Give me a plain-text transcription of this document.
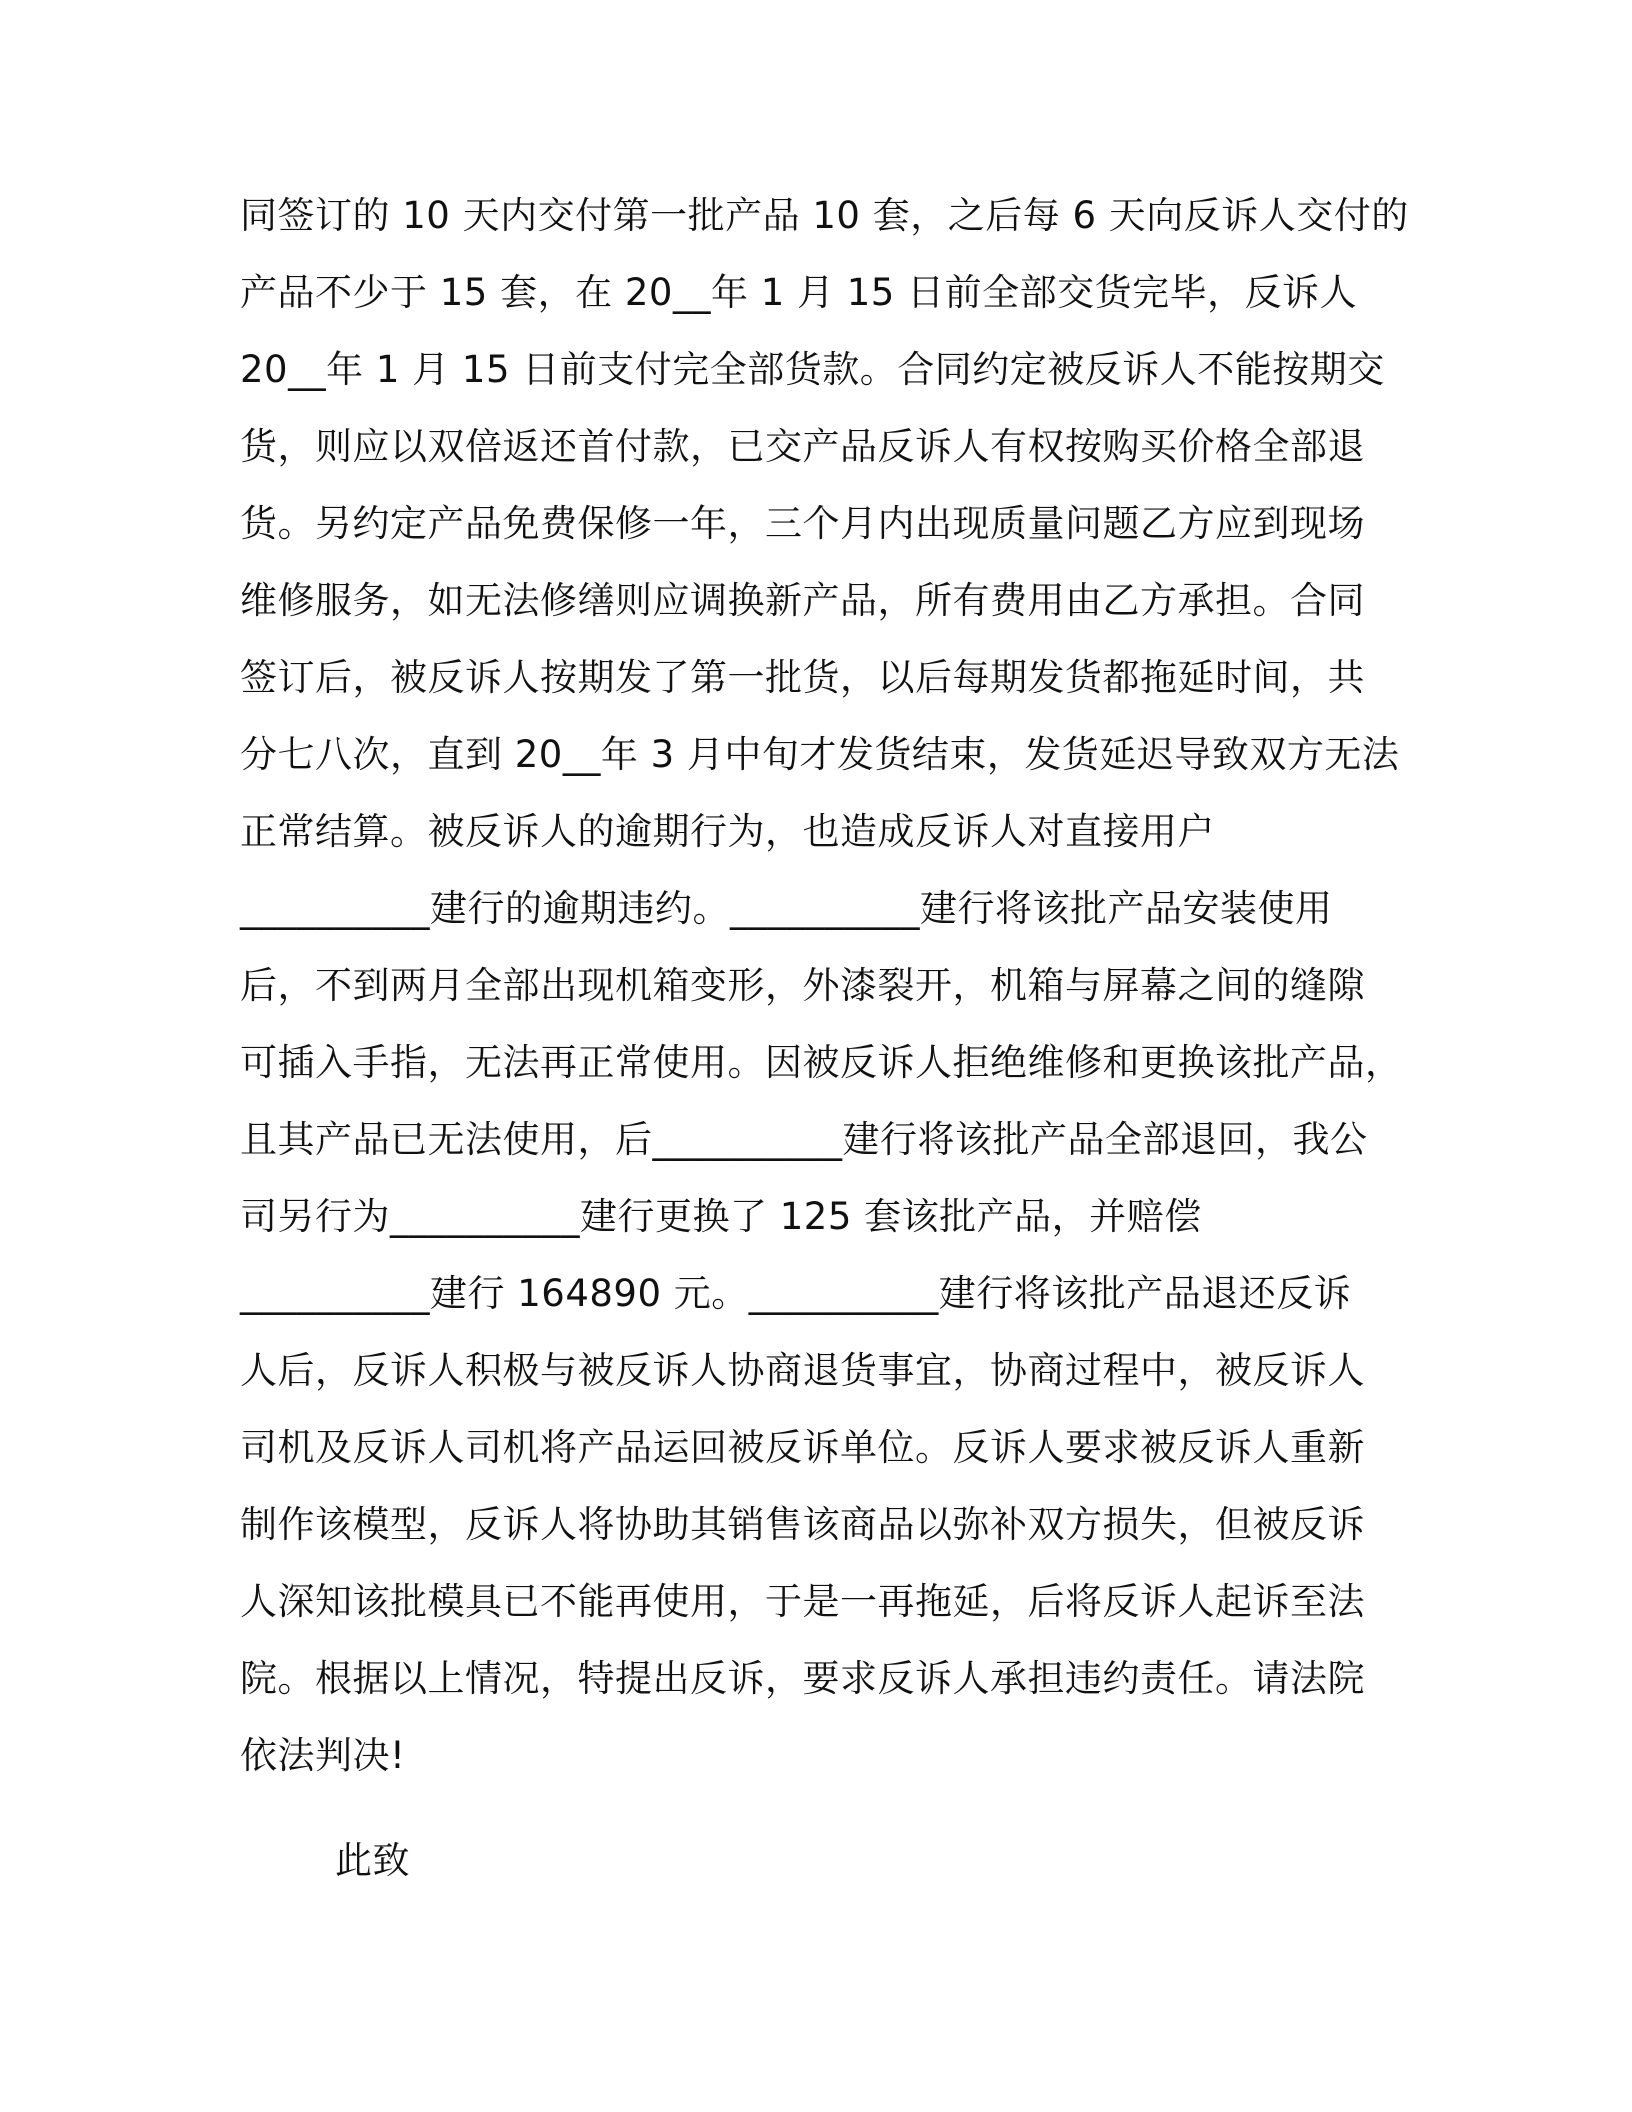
同签订的 10 天内交付第一批产品 10 套，之后每 6 天向反诉人交付的
产品不少于 15 套，在 20__年 1 月 15 日前全部交货完毕，反诉人
20__年 1 月 15 日前支付完全部货款。合同约定被反诉人不能按期交
货，则应以双倍返还首付款，已交产品反诉人有权按购买价格全部退
货。另约定产品免费保修一年，三个月内出现质量问题乙方应到现场
维修服务，如无法修缮则应调换新产品，所有费用由乙方承担。合同
签订后，被反诉人按期发了第一批货，以后每期发货都拖延时间，共
分七八次，直到 20__年 3 月中旬才发货结束，发货延迟导致双方无法
正常结算。被反诉人的逾期行为，也造成反诉人对直接用户
__________建行的逾期违约。__________建行将该批产品安装使用
后，不到两月全部出现机箱变形，外漆裂开，机箱与屏幕之间的缝隙
可插入手指，无法再正常使用。因被反诉人拒绝维修和更换该批产品，
且其产品已无法使用，后__________建行将该批产品全部退回，我公
司另行为__________建行更换了 125 套该批产品，并赔偿
__________建行 164890 元。__________建行将该批产品退还反诉
人后，反诉人积极与被反诉人协商退货事宜，协商过程中，被反诉人
司机及反诉人司机将产品运回被反诉单位。反诉人要求被反诉人重新
制作该模型，反诉人将协助其销售该商品以弥补双方损失，但被反诉
人深知该批模具已不能再使用，于是一再拖延，后将反诉人起诉至法
院。根据以上情况，特提出反诉，要求反诉人承担违约责任。请法院
依法判决!
此致
